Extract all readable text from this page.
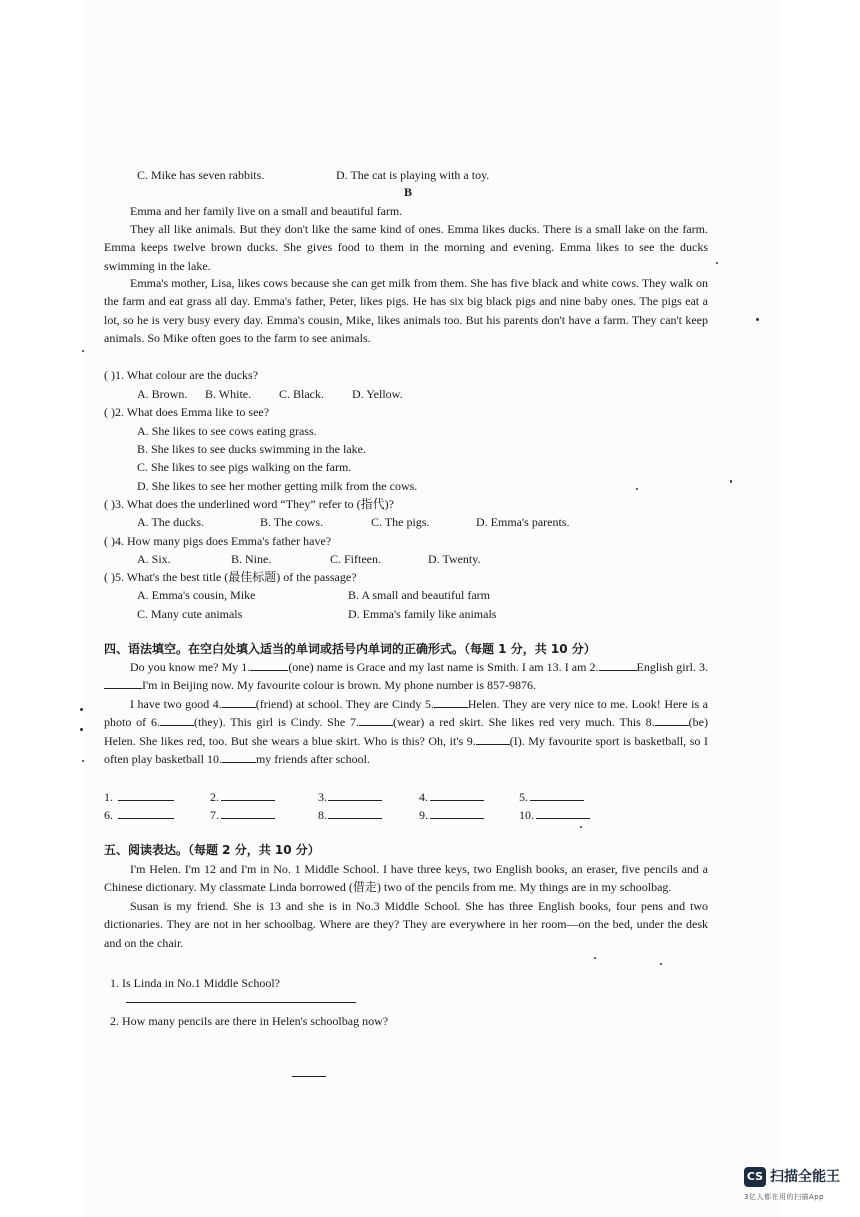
C. Mike has seven rabbits.	D. The cat is playing with a toy.
B
Emma and her family live on a small and beautiful farm.
They all like animals. But they don't like the same kind of ones. Emma likes ducks. There is a small lake on the farm. Emma keeps twelve brown ducks. She gives food to them in the morning and evening. Emma likes to see the ducks swimming in the lake.
Emma's mother, Lisa, likes cows because she can get milk from them. She has five black and white cows. They walk on the farm and eat grass all day. Emma's father, Peter, likes pigs. He has six big black pigs and nine baby ones. The pigs eat a lot, so he is very busy every day. Emma's cousin, Mike, likes animals too. But his parents don't have a farm. They can't keep animals. So Mike often goes to the farm to see animals.
( )1. What colour are the ducks?
A. Brown. B. White. C. Black. D. Yellow.
( )2. What does Emma like to see?
A. She likes to see cows eating grass.
B. She likes to see ducks swimming in the lake.
C. She likes to see pigs walking on the farm.
D. She likes to see her mother getting milk from the cows.
( )3. What does the underlined word “They” refer to (指代)?
A. The ducks.	B. The cows.	C. The pigs.	D. Emma's parents.
( )4. How many pigs does Emma's father have?
A. Six.	B. Nine.	C. Fifteen.	D. Twenty.
( )5. What's the best title (最佳标题) of the passage?
A. Emma's cousin, Mike	B. A small and beautiful farm
C. Many cute animals	D. Emma's family like animals
四、语法填空。在空白处填入适当的单词或括号内单词的正确形式。（每题 1 分，共 10 分）
Do you know me? My 1.	(one) name is Grace and my last name is Smith. I am 13. I am 2.	English girl. 3.I'm in Beijing now. My favourite colour is brown. My phone number is 857-9876.
I have two good 4.	(friend) at school. They are Cindy 5.	Helen. They are very nice to me. Look! Here is a photo of 6.	(they). This girl is Cindy. She 7.	(wear) a red skirt. She likes red very much. This 8.	(be) Helen. She likes red, too. But she wears a blue skirt. Who is this? Oh, it's 9.	(I). My favourite sport is basketball, so I often play basketball 10.	my friends after school.
1.	2.	3.	4.	5.
6.	7.	8.	9.	10.
五、阅读表达。（每题 2 分，共 10 分）
I'm Helen. I'm 12 and I'm in No. 1 Middle School. I have three keys, two English books, an eraser, five pencils and a Chinese dictionary. My classmate Linda borrowed (借走) two of the pencils from me. My things are in my schoolbag.
Susan is my friend. She is 13 and she is in No.3 Middle School. She has three English books, four pens and two dictionaries. They are not in her schoolbag. Where are they? They are everywhere in her room—on the bed, under the desk and on the chair.
1. Is Linda in No.1 Middle School?
2. How many pencils are there in Helen's schoolbag now?
CS 扫描全能王
3亿人都在用的扫描App
